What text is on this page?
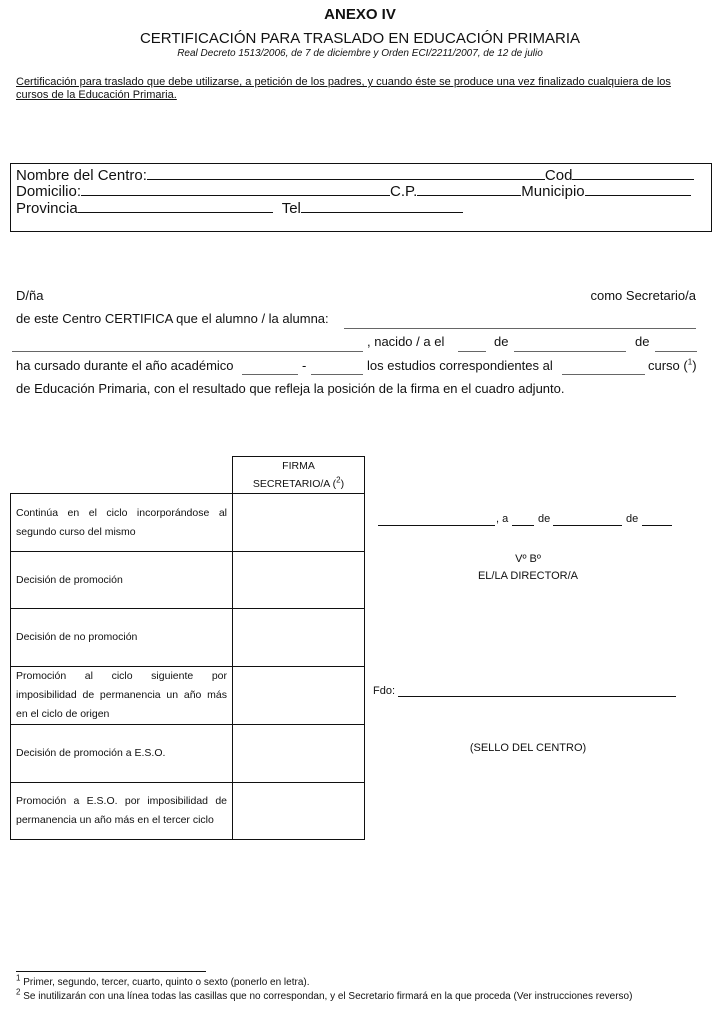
ANEXO IV
CERTIFICACIÓN PARA TRASLADO EN EDUCACIÓN PRIMARIA
Real Decreto 1513/2006, de 7 de diciembre y Orden ECI/2211/2007, de 12 de julio
Certificación para traslado que debe utilizarse, a petición de los padres, y cuando éste se produce una vez finalizado cualquiera de los cursos de la Educación Primaria.
Nombre del Centro:	Cod
Domicilio:	C.P.	Municipio
Provincia	Tel
D/ña	como Secretario/a
de este Centro CERTIFICA que el alumno / la alumna:
, nacido / a el	de	de
ha cursado durante el año académico	-	los estudios correspondientes al	curso ($^1$)
de Educación Primaria, con el resultado que refleja la posición de la firma en el cuadro adjunto.
	FIRMA
SECRETARIO/A ($^2$)
Continúa en el ciclo incorporándose al segundo curso del mismo	
Decisión de promoción	
Decisión de no promoción	
Promoción al ciclo siguiente por imposibilidad de permanencia un año más en el ciclo de origen	
Decisión de promoción a E.S.O.	
Promoción a E.S.O. por imposibilidad de permanencia un año más en el tercer ciclo	
, a	de	de
Vº Bº
EL/LA DIRECTOR/A
Fdo:
(SELLO DEL CENTRO)
$^1$ Primer, segundo, tercer, cuarto, quinto o sexto (ponerlo en letra).
$^2$ Se inutilizarán con una línea todas las casillas que no correspondan, y el Secretario firmará en la que proceda (Ver instrucciones reverso)
